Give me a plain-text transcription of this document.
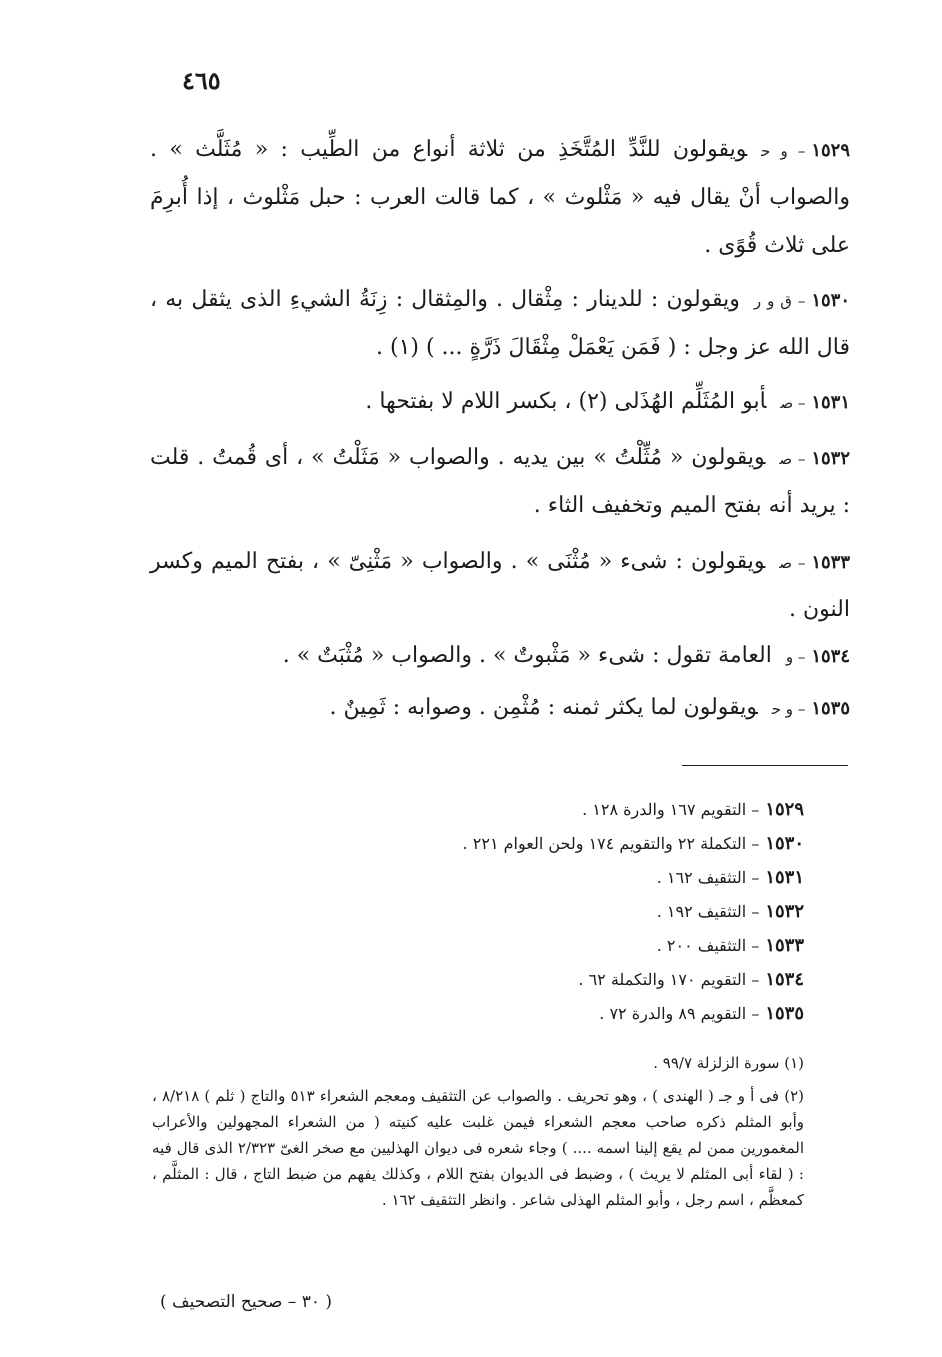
٤٦٥
١٥٢٩– و حويقولون للنَّدِّ المُتَّخَذِ من ثلاثة أنواع من الطِّيب : « مُثَلَّث » . والصواب أنْ يقال فيه « مَثْلوث » ، كما قالت العرب : حبل مَثْلوث ، إذا أُبرِمَ على ثلاث قُوًى .
١٥٣٠– ق و رويقولون : للدينار : مِثْقال . والمِثقال : زِنَةُ الشيءِ الذى يثقل به ، قال الله عز وجل : ( فَمَن يَعْمَلْ مِثْقَالَ ذَرَّةٍ ... ) (١) .
١٥٣١– صأبو المُثَلِّم الهُذَلى (٢) ، بكسر اللام لا بفتحها .
١٥٣٢– صويقولون « مُثِّلْتُ » بين يديه . والصواب « مَثَلْتُ » ، أى قُمتُ . قلت : يريد أنه بفتح الميم وتخفيف الثاء .
١٥٣٣– صويقولون : شىء « مُثْنَى » . والصواب « مَثْنِىّ » ، بفتح الميم وكسر النون .
١٥٣٤– والعامة تقول : شىء « مَثْبوتٌ » . والصواب « مُثْبَتٌ » .
١٥٣٥– و حويقولون لما يكثر ثمنه : مُثْمِن . وصوابه : ثَمِينٌ .
١٥٢٩– التقويم ١٦٧ والدرة ١٢٨ .
١٥٣٠– التكملة ٢٢ والتقويم ١٧٤ ولحن العوام ٢٢١ .
١٥٣١– التثقيف ١٦٢ .
١٥٣٢– التثقيف ١٩٢ .
١٥٣٣– التثقيف ٢٠٠ .
١٥٣٤– التقويم ١٧٠ والتكملة ٦٢ .
١٥٣٥– التقويم ٨٩ والدرة ٧٢ .
(١) سورة الزلزلة ٩٩/٧ .
(٢) فى أ و جـ ( الهندى ) ، وهو تحريف . والصواب عن التثقيف ومعجم الشعراء ٥١٣ والتاج ( ثلم ) ٨/٢١٨ ، وأبو المثلم ذكره صاحب معجم الشعراء فيمن غلبت عليه كنيته ( من الشعراء المجهولين والأعراب المغمورين ممن لم يقع إلينا اسمه .... ) وجاء شعره فى ديوان الهذليين مع صخر الغىّ ٢/٣٢٣ الذى قال فيه : ( لقاء أبى المثلم لا يريث ) ، وضبط فى الديوان بفتح اللام ، وكذلك يفهم من ضبط التاج ، قال : المثلَّم ، كمعظَّم ، اسم رجل ، وأبو المثلم الهذلى شاعر . وانظر التثقيف ١٦٢ .
( ٣٠ – صحيح التصحيف )
